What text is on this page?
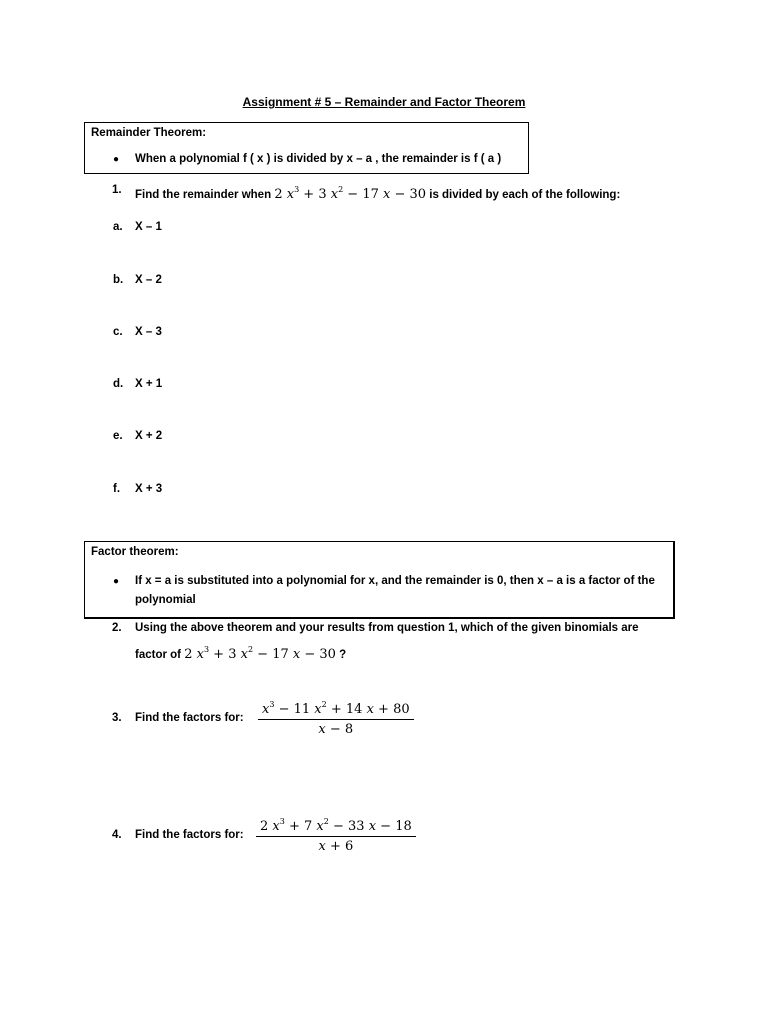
Assignment # 5 – Remainder and Factor Theorem
Remainder Theorem:
● When a polynomial f ( x ) is divided by x – a , the remainder is f ( a )
1. Find the remainder when 2 $x^3 + 3$ $x^2 - 17$ x − 30 is divided by each of the following:
a. X – 1
b. X – 2
c. X – 3
d. X + 1
e. X + 2
f. X + 3
Factor theorem:
● If x = a is substituted into a polynomial for x, and the remainder is 0, then x – a is a factor of the
polynomial
2. Using the above theorem and your results from question 1, which of the given binomials are
factor of 2 $x^3 + 3$ $x^2 - 17$ x − 30 ?
3. Find the factors for: $\frac{x^3 - 11 x^2 + 14 x + 80}{x - 8}$
4. Find the factors for: $\frac{2 x^3 + 7 x^2 - 33 x - 18}{x + 6}$
